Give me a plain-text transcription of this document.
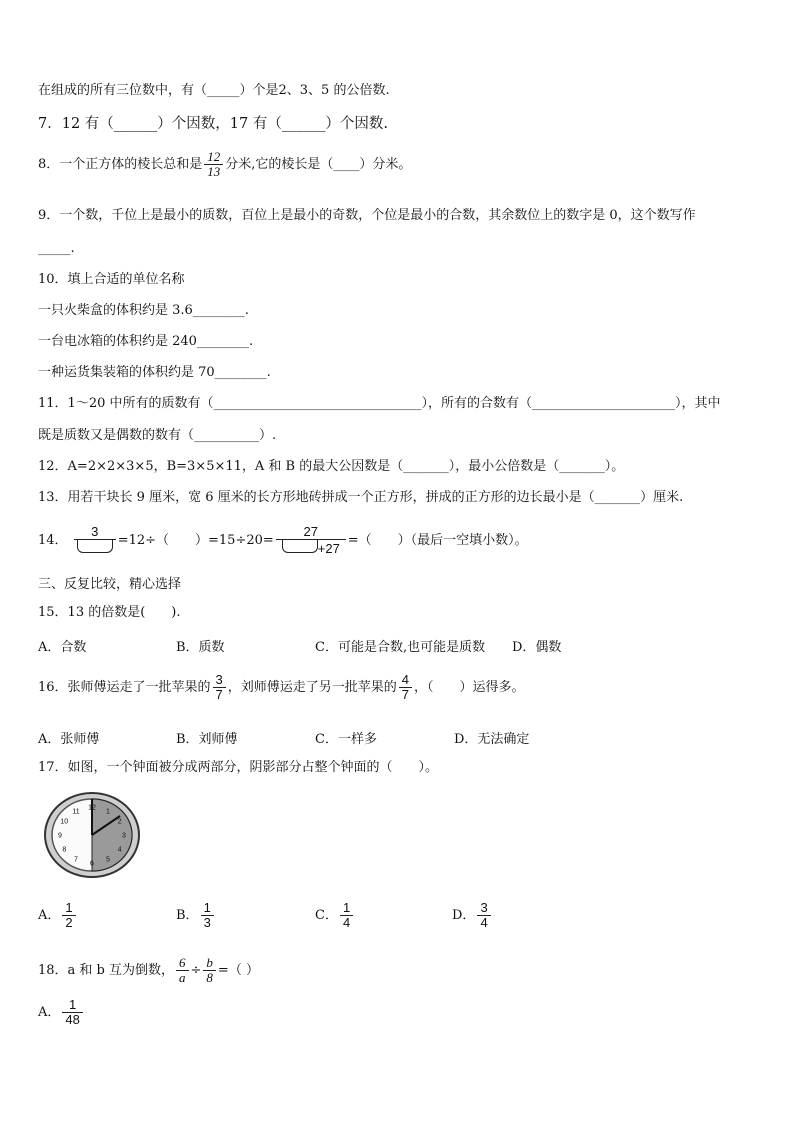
在组成的所有三位数中，有（_____）个是2、3、5 的公倍数.
7．12 有（______）个因数，17 有（______）个因数.
8．一个正方体的棱长总和是 $\frac{12}{13}$ 分米,它的棱长是（____）分米。
9．一个数，千位上是最小的质数，百位上是最小的奇数，个位是最小的合数，其余数位上的数字是 0，这个数写作
_____.
10．填上合适的单位名称
一只火柴盒的体积约是 3.6________.
一台电冰箱的体积约是 240________.
一种运货集装箱的体积约是 70________.
11．1～20 中所有的质数有（________________________________），所有的合数有（______________________），其中
既是质数又是偶数的数有（__________）.
12．A=2×2×3×5，B=3×5×11，A 和 B 的最大公因数是（_______），最小公倍数是（_______）。
13．用若干块长 9 厘米，宽 6 厘米的长方形地砖拼成一个正方形，拼成的正方形的边长最小是（_______）厘米.
14．
3
=12÷（　　）$=15\div 20= \frac{27}{+27}$ =（　　）（最后一空填小数）。
三、反复比较，精心选择
15．13 的倍数是(　　).
A．合数	B．质数	C．可能是合数,也可能是质数 D．偶数
16．张师傅运走了一批苹果的 $\frac{3}{7}$ ，刘师傅运走了另一批苹果的 $\frac{4}{7}$ ，（　　）运得多。
A．张师傅	B．刘师傅	C．一样多	D．无法确定
17．如图，一个钟面被分成两部分，阴影部分占整个钟面的（　　）。
12
1
2
3
4
5
6
7
8
9
10
11
A． $\frac{1}{2}$	B． $\frac{1}{3}$	C． $\frac{1}{4}$	D． $\frac{3}{4}$
18．a 和 b 互为倒数， $\frac{6}{a} \div \frac{b}{8}$ =（ ）
A． $\frac{1}{48}$
